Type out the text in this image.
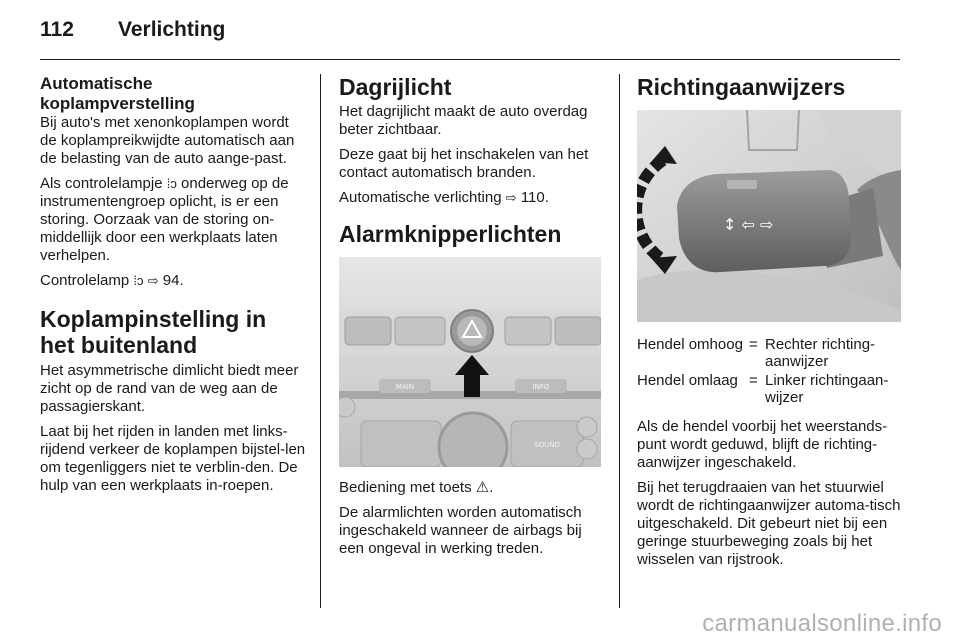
112	Verlichting
Automatische
koplampverstelling

Bij auto's met xenonkoplampen wordt de koplampreikwijdte automatisch aan de belasting van de auto aange-past.

Als controlelampje ⁞ↄ onderweg op de instrumentengroep oplicht, is er een storing. Oorzaak van de storing on-middellijk door een werkplaats laten verhelpen.

Controlelamp ⁞ↄ ⇨ 94.

Koplampinstelling in het buitenland

Het asymmetrische dimlicht biedt meer zicht op de rand van de weg aan de passagierskant.

Laat bij het rijden in landen met links-rijdend verkeer de koplampen bijstel-len om tegenliggers niet te verblin-den. De hulp van een werkplaats in-roepen.

Dagrijlicht

Het dagrijlicht maakt de auto overdag beter zichtbaar.

Deze gaat bij het inschakelen van het contact automatisch branden.

Automatische verlichting ⇨ 110.

Alarmknipperlichten
MAIN	INFO
SOUND

Bediening met toets ⚠.

De alarmlichten worden automatisch ingeschakeld wanneer de airbags bij een ongeval in werking treden.

Richtingaanwijzers
↕ ⇦ ⇨
Hendel omhoog = Rechter richting-aanwijzer
Hendel omlaag = Linker richtingaan-wijzer

Als de hendel voorbij het weerstands-punt wordt geduwd, blijft de richting-aanwijzer ingeschakeld.

Bij het terugdraaien van het stuurwiel wordt de richtingaanwijzer automa-tisch uitgeschakeld. Dit gebeurt niet bij een geringe stuurbeweging zoals bij het wisselen van rijstrook.

carmanualsonline.info
